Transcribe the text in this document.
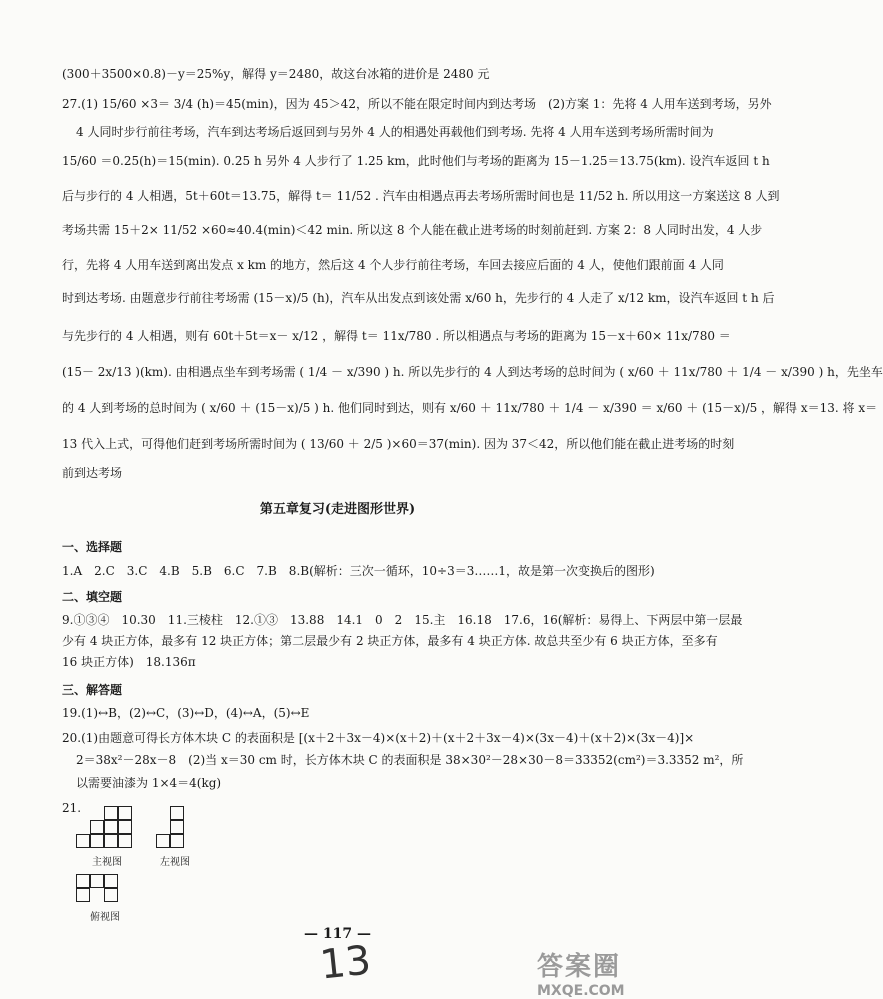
(300＋3500×0.8)－y＝25%y，解得 y＝2480，故这台冰箱的进价是 2480 元
27.(1) 15/60 ×3＝ 3/4 (h)＝45(min)，因为 45＞42，所以不能在限定时间内到达考场　(2)方案 1：先将 4 人用车送到考场，另外
4 人同时步行前往考场，汽车到达考场后返回到与另外 4 人的相遇处再载他们到考场. 先将 4 人用车送到考场所需时间为
15/60 ＝0.25(h)＝15(min). 0.25 h 另外 4 人步行了 1.25 km，此时他们与考场的距离为 15－1.25＝13.75(km). 设汽车返回 t h
后与步行的 4 人相遇，5t＋60t＝13.75，解得 t＝ 11/52 . 汽车由相遇点再去考场所需时间也是 11/52 h. 所以用这一方案送这 8 人到
考场共需 15＋2× 11/52 ×60≈40.4(min)＜42 min. 所以这 8 个人能在截止进考场的时刻前赶到. 方案 2：8 人同时出发，4 人步
行，先将 4 人用车送到离出发点 x km 的地方，然后这 4 个人步行前往考场，车回去接应后面的 4 人，使他们跟前面 4 人同
时到达考场. 由题意步行前往考场需 (15－x)/5 (h)，汽车从出发点到该处需 x/60 h，先步行的 4 人走了 x/12 km，设汽车返回 t h 后
与先步行的 4 人相遇，则有 60t＋5t＝x－ x/12 ，解得 t＝ 11x/780 . 所以相遇点与考场的距离为 15－x＋60× 11x/780 ＝
(15－ 2x/13 )(km). 由相遇点坐车到考场需 ( 1/4 － x/390 ) h. 所以先步行的 4 人到达考场的总时间为 ( x/60 ＋ 11x/780 ＋ 1/4 － x/390 ) h，先坐车
的 4 人到考场的总时间为 ( x/60 ＋ (15－x)/5 ) h. 他们同时到达，则有 x/60 ＋ 11x/780 ＋ 1/4 － x/390 ＝ x/60 ＋ (15－x)/5 ，解得 x＝13. 将 x＝
13 代入上式，可得他们赶到考场所需时间为 ( 13/60 ＋ 2/5 )×60＝37(min). 因为 37＜42，所以他们能在截止进考场的时刻
前到达考场
第五章复习(走进图形世界)
一、选择题
1.A　2.C　3.C　4.B　5.B　6.C　7.B　8.B(解析：三次一循环，10÷3＝3……1，故是第一次变换后的图形)
二、填空题
9.①③④　10.30　11.三棱柱　12.①③　13.88　14.1　0　2　15.主　16.18　17.6，16(解析：易得上、下两层中第一层最
少有 4 块正方体，最多有 12 块正方体；第二层最少有 2 块正方体，最多有 4 块正方体. 故总共至少有 6 块正方体，至多有
16 块正方体)　18.136π
三、解答题
19.(1)↔B，(2)↔C，(3)↔D，(4)↔A，(5)↔E
20.(1)由题意可得长方体木块 C 的表面积是 [(x＋2＋3x－4)×(x＋2)＋(x＋2＋3x－4)×(3x－4)＋(x＋2)×(3x－4)]×
2＝38x²－28x－8　(2)当 x＝30 cm 时，长方体木块 C 的表面积是 38×30²－28×30－8＝33352(cm²)＝3.3352 m²，所
以需要油漆为 1×4＝4(kg)
21.
主视图	左视图
俯视图
— 117 —
13	答案圈
MXQE.COM
